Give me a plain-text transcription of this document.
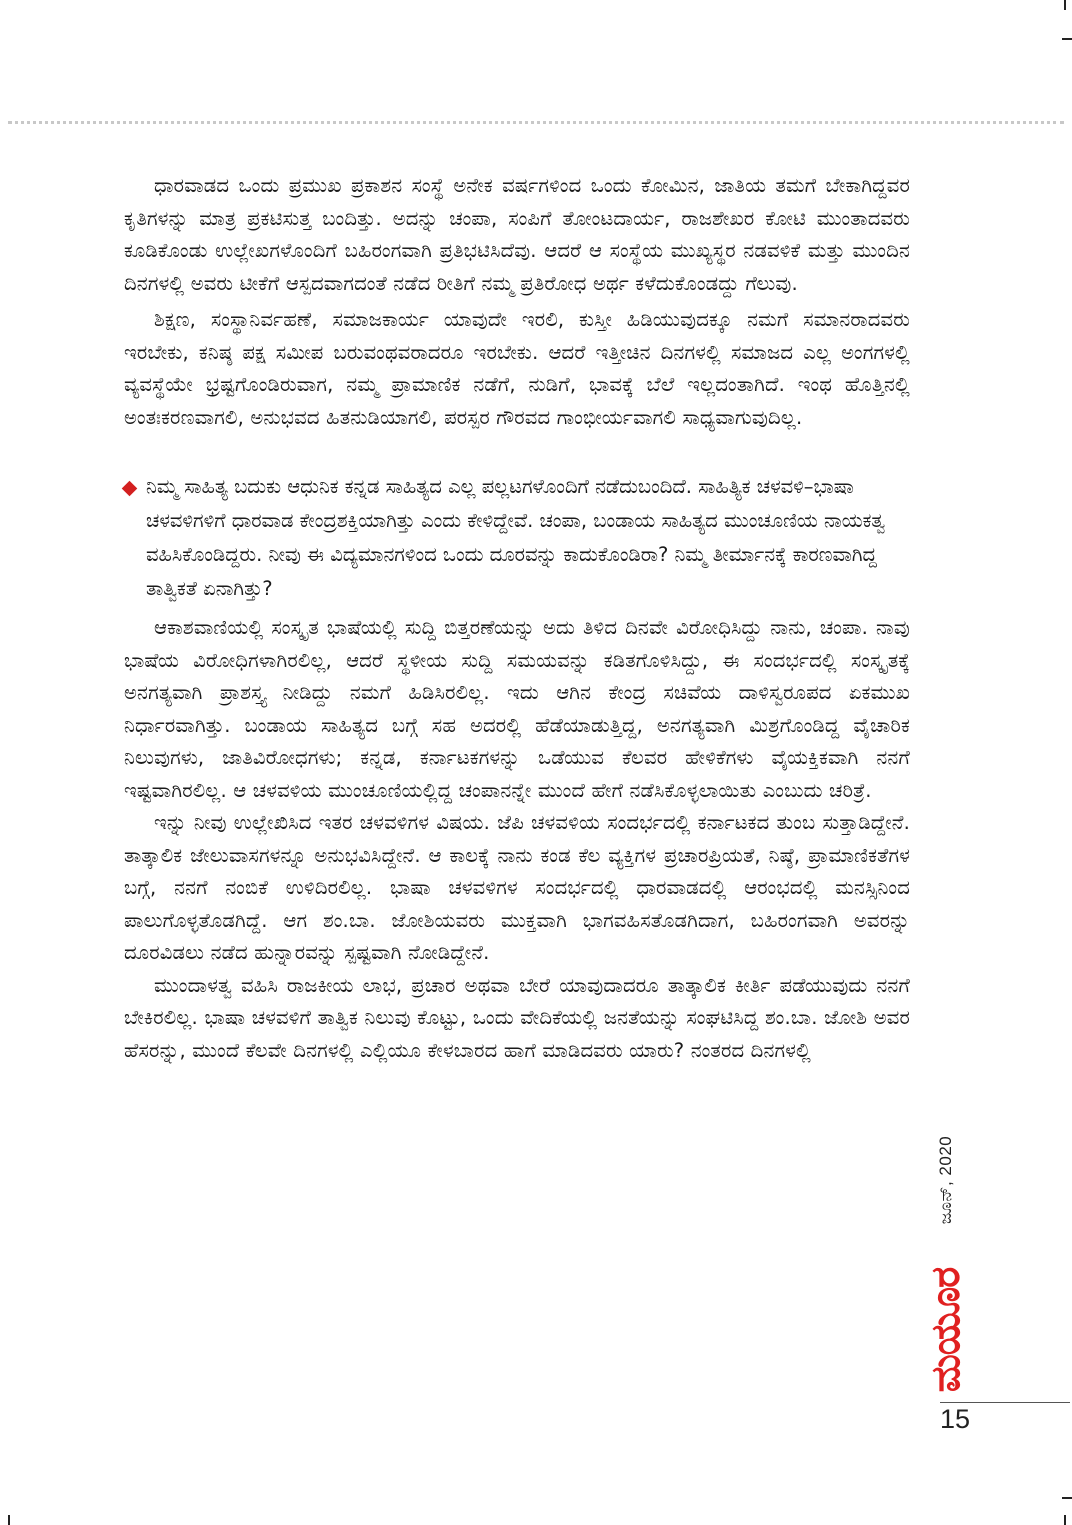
ಧಾರವಾಡದ ಒಂದು ಪ್ರಮುಖ ಪ್ರಕಾಶನ ಸಂಸ್ಥೆ ಅನೇಕ ವರ್ಷಗಳಿಂದ ಒಂದು ಕೋಮಿನ, ಜಾತಿಯ ತಮಗೆ ಬೇಕಾಗಿದ್ದವರ ಕೃತಿಗಳನ್ನು ಮಾತ್ರ ಪ್ರಕಟಿಸುತ್ತ ಬಂದಿತ್ತು. ಅದನ್ನು ಚಂಪಾ, ಸಂಪಿಗೆ ತೋಂಟದಾರ್ಯ, ರಾಜಶೇಖರ ಕೋಟಿ ಮುಂತಾದವರು ಕೂಡಿಕೊಂಡು ಉಲ್ಲೇಖಗಳೊಂದಿಗೆ ಬಹಿರಂಗವಾಗಿ ಪ್ರತಿಭಟಿಸಿದೆವು. ಆದರೆ ಆ ಸಂಸ್ಥೆಯ ಮುಖ್ಯಸ್ಥರ ನಡವಳಿಕೆ ಮತ್ತು ಮುಂದಿನ ದಿನಗಳಲ್ಲಿ ಅವರು ಟೀಕೆಗೆ ಆಸ್ಪದವಾಗದಂತೆ ನಡೆದ ರೀತಿಗೆ ನಮ್ಮ ಪ್ರತಿರೋಧ ಅರ್ಥ ಕಳೆದುಕೊಂಡದ್ದು ಗೆಲುವು.

ಶಿಕ್ಷಣ, ಸಂಸ್ಥಾನಿರ್ವಹಣೆ, ಸಮಾಜಕಾರ್ಯ ಯಾವುದೇ ಇರಲಿ, ಕುಸ್ತೀ ಹಿಡಿಯುವುದಕ್ಕೂ ನಮಗೆ ಸಮಾನರಾದವರು ಇರಬೇಕು, ಕನಿಷ್ಠ ಪಕ್ಷ ಸಮೀಪ ಬರುವಂಥವರಾದರೂ ಇರಬೇಕು. ಆದರೆ ಇತ್ತೀಚಿನ ದಿನಗಳಲ್ಲಿ ಸಮಾಜದ ಎಲ್ಲ ಅಂಗಗಳಲ್ಲಿ ವ್ಯವಸ್ಥೆಯೇ ಭ್ರಷ್ಟಗೊಂಡಿರುವಾಗ, ನಮ್ಮ ಪ್ರಾಮಾಣಿಕ ನಡೆಗೆ, ನುಡಿಗೆ, ಭಾವಕ್ಕೆ ಬೆಲೆ ಇಲ್ಲದಂತಾಗಿದೆ. ಇಂಥ ಹೊತ್ತಿನಲ್ಲಿ ಅಂತಃಕರಣವಾಗಲಿ, ಅನುಭವದ ಹಿತನುಡಿಯಾಗಲಿ, ಪರಸ್ಪರ ಗೌರವದ ಗಾಂಭೀರ್ಯವಾಗಲಿ ಸಾಧ್ಯವಾಗುವುದಿಲ್ಲ.

ನಿಮ್ಮ ಸಾಹಿತ್ಯ ಬದುಕು ಆಧುನಿಕ ಕನ್ನಡ ಸಾಹಿತ್ಯದ ಎಲ್ಲ ಪಲ್ಲಟಗಳೊಂದಿಗೆ ನಡೆದುಬಂದಿದೆ. ಸಾಹಿತ್ಯಿಕ ಚಳವಳಿ–ಭಾಷಾ ಚಳವಳಿಗಳಿಗೆ ಧಾರವಾಡ ಕೇಂದ್ರಶಕ್ತಿಯಾಗಿತ್ತು ಎಂದು ಕೇಳಿದ್ದೇವೆ. ಚಂಪಾ, ಬಂಡಾಯ ಸಾಹಿತ್ಯದ ಮುಂಚೂಣಿಯ ನಾಯಕತ್ವ ವಹಿಸಿಕೊಂಡಿದ್ದರು. ನೀವು ಈ ವಿದ್ಯಮಾನಗಳಿಂದ ಒಂದು ದೂರವನ್ನು ಕಾದುಕೊಂಡಿರಾ? ನಿಮ್ಮ ತೀರ್ಮಾನಕ್ಕೆ ಕಾರಣವಾಗಿದ್ದ ತಾತ್ವಿಕತೆ ಏನಾಗಿತ್ತು?

ಆಕಾಶವಾಣಿಯಲ್ಲಿ ಸಂಸ್ಕೃತ ಭಾಷೆಯಲ್ಲಿ ಸುದ್ದಿ ಬಿತ್ತರಣೆಯನ್ನು ಅದು ತಿಳಿದ ದಿನವೇ ವಿರೋಧಿಸಿದ್ದು ನಾನು, ಚಂಪಾ. ನಾವು ಭಾಷೆಯ ವಿರೋಧಿಗಳಾಗಿರಲಿಲ್ಲ, ಆದರೆ ಸ್ಥಳೀಯ ಸುದ್ದಿ ಸಮಯವನ್ನು ಕಡಿತಗೊಳಿಸಿದ್ದು, ಈ ಸಂದರ್ಭದಲ್ಲಿ ಸಂಸ್ಕೃತಕ್ಕೆ ಅನಗತ್ಯವಾಗಿ ಪ್ರಾಶಸ್ತ್ಯ ನೀಡಿದ್ದು ನಮಗೆ ಹಿಡಿಸಿರಲಿಲ್ಲ. ಇದು ಆಗಿನ ಕೇಂದ್ರ ಸಚಿವೆಯ ದಾಳಿಸ್ವರೂಪದ ಏಕಮುಖ ನಿರ್ಧಾರವಾಗಿತ್ತು. ಬಂಡಾಯ ಸಾಹಿತ್ಯದ ಬಗ್ಗೆ ಸಹ ಅದರಲ್ಲಿ ಹೆಡೆಯಾಡುತ್ತಿದ್ದ, ಅನಗತ್ಯವಾಗಿ ಮಿಶ್ರಗೊಂಡಿದ್ದ ವೈಚಾರಿಕ ನಿಲುವುಗಳು, ಜಾತಿವಿರೋಧಗಳು; ಕನ್ನಡ, ಕರ್ನಾಟಕಗಳನ್ನು ಒಡೆಯುವ ಕೆಲವರ ಹೇಳಿಕೆಗಳು ವೈಯಕ್ತಿಕವಾಗಿ ನನಗೆ ಇಷ್ಟವಾಗಿರಲಿಲ್ಲ. ಆ ಚಳವಳಿಯ ಮುಂಚೂಣಿಯಲ್ಲಿದ್ದ ಚಂಪಾನನ್ನೇ ಮುಂದೆ ಹೇಗೆ ನಡೆಸಿಕೊಳ್ಳಲಾಯಿತು ಎಂಬುದು ಚರಿತ್ರೆ.

ಇನ್ನು ನೀವು ಉಲ್ಲೇಖಿಸಿದ ಇತರ ಚಳವಳಿಗಳ ವಿಷಯ. ಜೆಪಿ ಚಳವಳಿಯ ಸಂದರ್ಭದಲ್ಲಿ ಕರ್ನಾಟಕದ ತುಂಬ ಸುತ್ತಾಡಿದ್ದೇನೆ. ತಾತ್ಕಾಲಿಕ ಜೇಲುವಾಸಗಳನ್ನೂ ಅನುಭವಿಸಿದ್ದೇನೆ. ಆ ಕಾಲಕ್ಕೆ ನಾನು ಕಂಡ ಕೆಲ ವ್ಯಕ್ತಿಗಳ ಪ್ರಚಾರಪ್ರಿಯತೆ, ನಿಷ್ಠೆ, ಪ್ರಾಮಾಣಿಕತೆಗಳ ಬಗ್ಗೆ, ನನಗೆ ನಂಬಿಕೆ ಉಳಿದಿರಲಿಲ್ಲ. ಭಾಷಾ ಚಳವಳಿಗಳ ಸಂದರ್ಭದಲ್ಲಿ ಧಾರವಾಡದಲ್ಲಿ ಆರಂಭದಲ್ಲಿ ಮನಸ್ಸಿನಿಂದ ಪಾಲುಗೊಳ್ಳತೊಡಗಿದ್ದೆ. ಆಗ ಶಂ.ಬಾ. ಜೋಶಿಯವರು ಮುಕ್ತವಾಗಿ ಭಾಗವಹಿಸತೊಡಗಿದಾಗ, ಬಹಿರಂಗವಾಗಿ ಅವರನ್ನು ದೂರವಿಡಲು ನಡೆದ ಹುನ್ನಾರವನ್ನು ಸ್ಪಷ್ಟವಾಗಿ ನೋಡಿದ್ದೇನೆ.

ಮುಂದಾಳತ್ವ ವಹಿಸಿ ರಾಜಕೀಯ ಲಾಭ, ಪ್ರಚಾರ ಅಥವಾ ಬೇರೆ ಯಾವುದಾದರೂ ತಾತ್ಕಾಲಿಕ ಕೀರ್ತಿ ಪಡೆಯುವುದು ನನಗೆ ಬೇಕಿರಲಿಲ್ಲ. ಭಾಷಾ ಚಳವಳಿಗೆ ತಾತ್ವಿಕ ನಿಲುವು ಕೊಟ್ಟು, ಒಂದು ವೇದಿಕೆಯಲ್ಲಿ ಜನತೆಯನ್ನು ಸಂಘಟಿಸಿದ್ದ ಶಂ.ಬಾ. ಜೋಶಿ ಅವರ ಹೆಸರನ್ನು, ಮುಂದೆ ಕೆಲವೇ ದಿನಗಳಲ್ಲಿ ಎಲ್ಲಿಯೂ ಕೇಳಬಾರದ ಹಾಗೆ ಮಾಡಿದವರು ಯಾರು? ನಂತರದ ದಿನಗಳಲ್ಲಿ

ಜೂನ್, 2020
ಮಯೂರ
15
